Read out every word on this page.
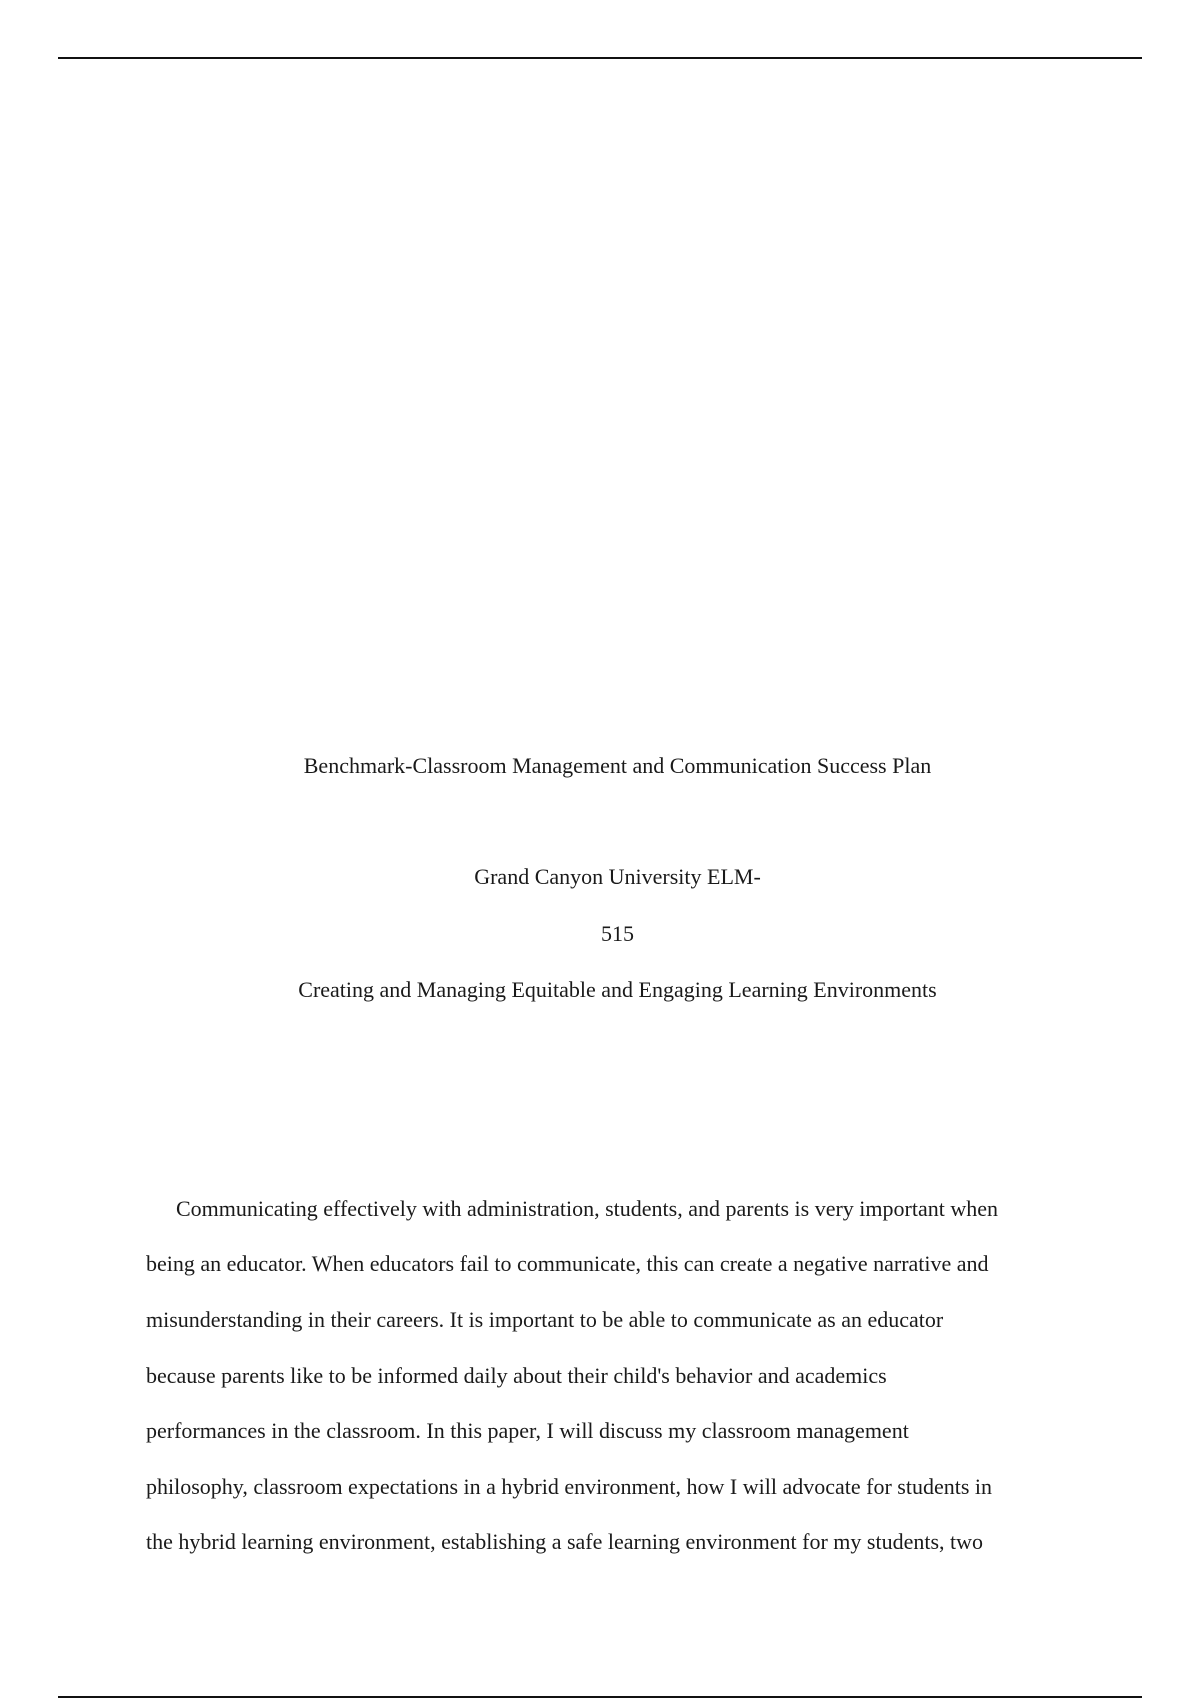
Benchmark-Classroom Management and Communication Success Plan
Grand Canyon University ELM-
515
Creating and Managing Equitable and Engaging Learning Environments
Communicating effectively with administration, students, and parents is very important when
being an educator. When educators fail to communicate, this can create a negative narrative and
misunderstanding in their careers. It is important to be able to communicate as an educator
because parents like to be informed daily about their child's behavior and academics
performances in the classroom. In this paper, I will discuss my classroom management
philosophy, classroom expectations in a hybrid environment, how I will advocate for students in
the hybrid learning environment, establishing a safe learning environment for my students, two
